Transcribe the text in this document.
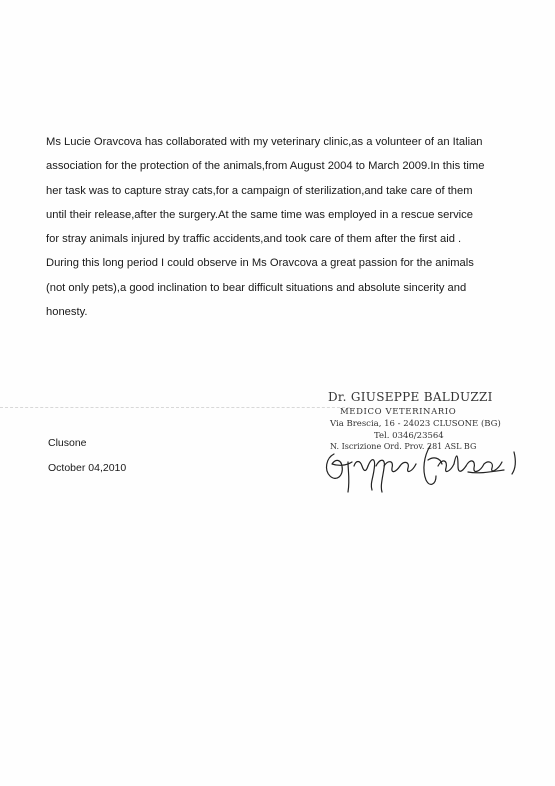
Ms Lucie Oravcova has collaborated with my veterinary clinic,as a volunteer of an Italian
association for the protection of the animals,from August 2004 to March 2009.In this time
her task was to capture stray cats,for a campaign of sterilization,and take care of them
until their release,after the surgery.At the same time was employed in a rescue service
for stray animals injured by traffic accidents,and took care of them after the first aid .
During this long period I could observe in Ms Oravcova a great passion for the animals
(not only pets),a good inclination to bear difficult situations and absolute sincerity and
honesty.
Clusone
October 04,2010
Dr. GIUSEPPE BALDUZZI
MEDICO VETERINARIO
Via Brescia, 16 - 24023 CLUSONE (BG)
Tel. 0346/23564
N. Iscrizione Ord. Prov. 281 ASL BG
